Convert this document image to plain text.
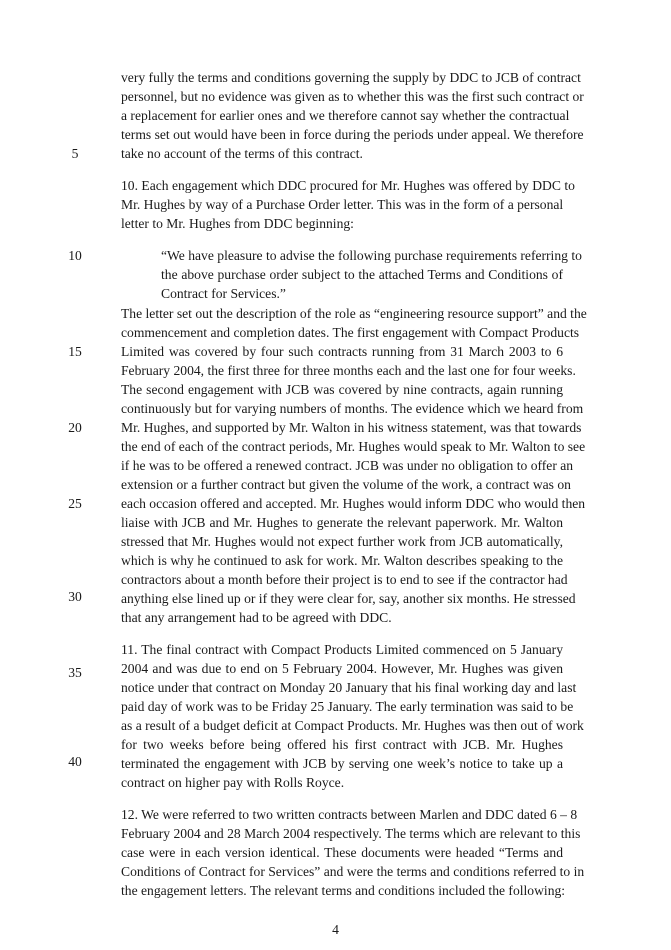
5
10
15
20
25
30
35
40
very fully the terms and conditions governing the supply by DDC to JCB of contract
personnel, but no evidence was given as to whether this was the first such contract or
a replacement for earlier ones and we therefore cannot say whether the contractual
terms set out would have been in force during the periods under appeal. We therefore
take no account of the terms of this contract.
10. Each engagement which DDC procured for Mr. Hughes was offered by DDC to
Mr. Hughes by way of a Purchase Order letter. This was in the form of a personal
letter to Mr. Hughes from DDC beginning:
“We have pleasure to advise the following purchase requirements referring to
the above purchase order subject to the attached Terms and Conditions of
Contract for Services.”
The letter set out the description of the role as “engineering resource support” and the
commencement and completion dates. The first engagement with Compact Products
Limited was covered by four such contracts running from 31 March 2003 to 6
February 2004, the first three for three months each and the last one for four weeks.
The second engagement with JCB was covered by nine contracts, again running
continuously but for varying numbers of months. The evidence which we heard from
Mr. Hughes, and supported by Mr. Walton in his witness statement, was that towards
the end of each of the contract periods, Mr. Hughes would speak to Mr. Walton to see
if he was to be offered a renewed contract. JCB was under no obligation to offer an
extension or a further contract but given the volume of the work, a contract was on
each occasion offered and accepted. Mr. Hughes would inform DDC who would then
liaise with JCB and Mr. Hughes to generate the relevant paperwork. Mr. Walton
stressed that Mr. Hughes would not expect further work from JCB automatically,
which is why he continued to ask for work. Mr. Walton describes speaking to the
contractors about a month before their project is to end to see if the contractor had
anything else lined up or if they were clear for, say, another six months. He stressed
that any arrangement had to be agreed with DDC.
11. The final contract with Compact Products Limited commenced on 5 January
2004 and was due to end on 5 February 2004. However, Mr. Hughes was given
notice under that contract on Monday 20 January that his final working day and last
paid day of work was to be Friday 25 January. The early termination was said to be
as a result of a budget deficit at Compact Products. Mr. Hughes was then out of work
for two weeks before being offered his first contract with JCB. Mr. Hughes
terminated the engagement with JCB by serving one week’s notice to take up a
contract on higher pay with Rolls Royce.
12. We were referred to two written contracts between Marlen and DDC dated 6 – 8
February 2004 and 28 March 2004 respectively. The terms which are relevant to this
case were in each version identical. These documents were headed “Terms and
Conditions of Contract for Services” and were the terms and conditions referred to in
the engagement letters. The relevant terms and conditions included the following:
4
